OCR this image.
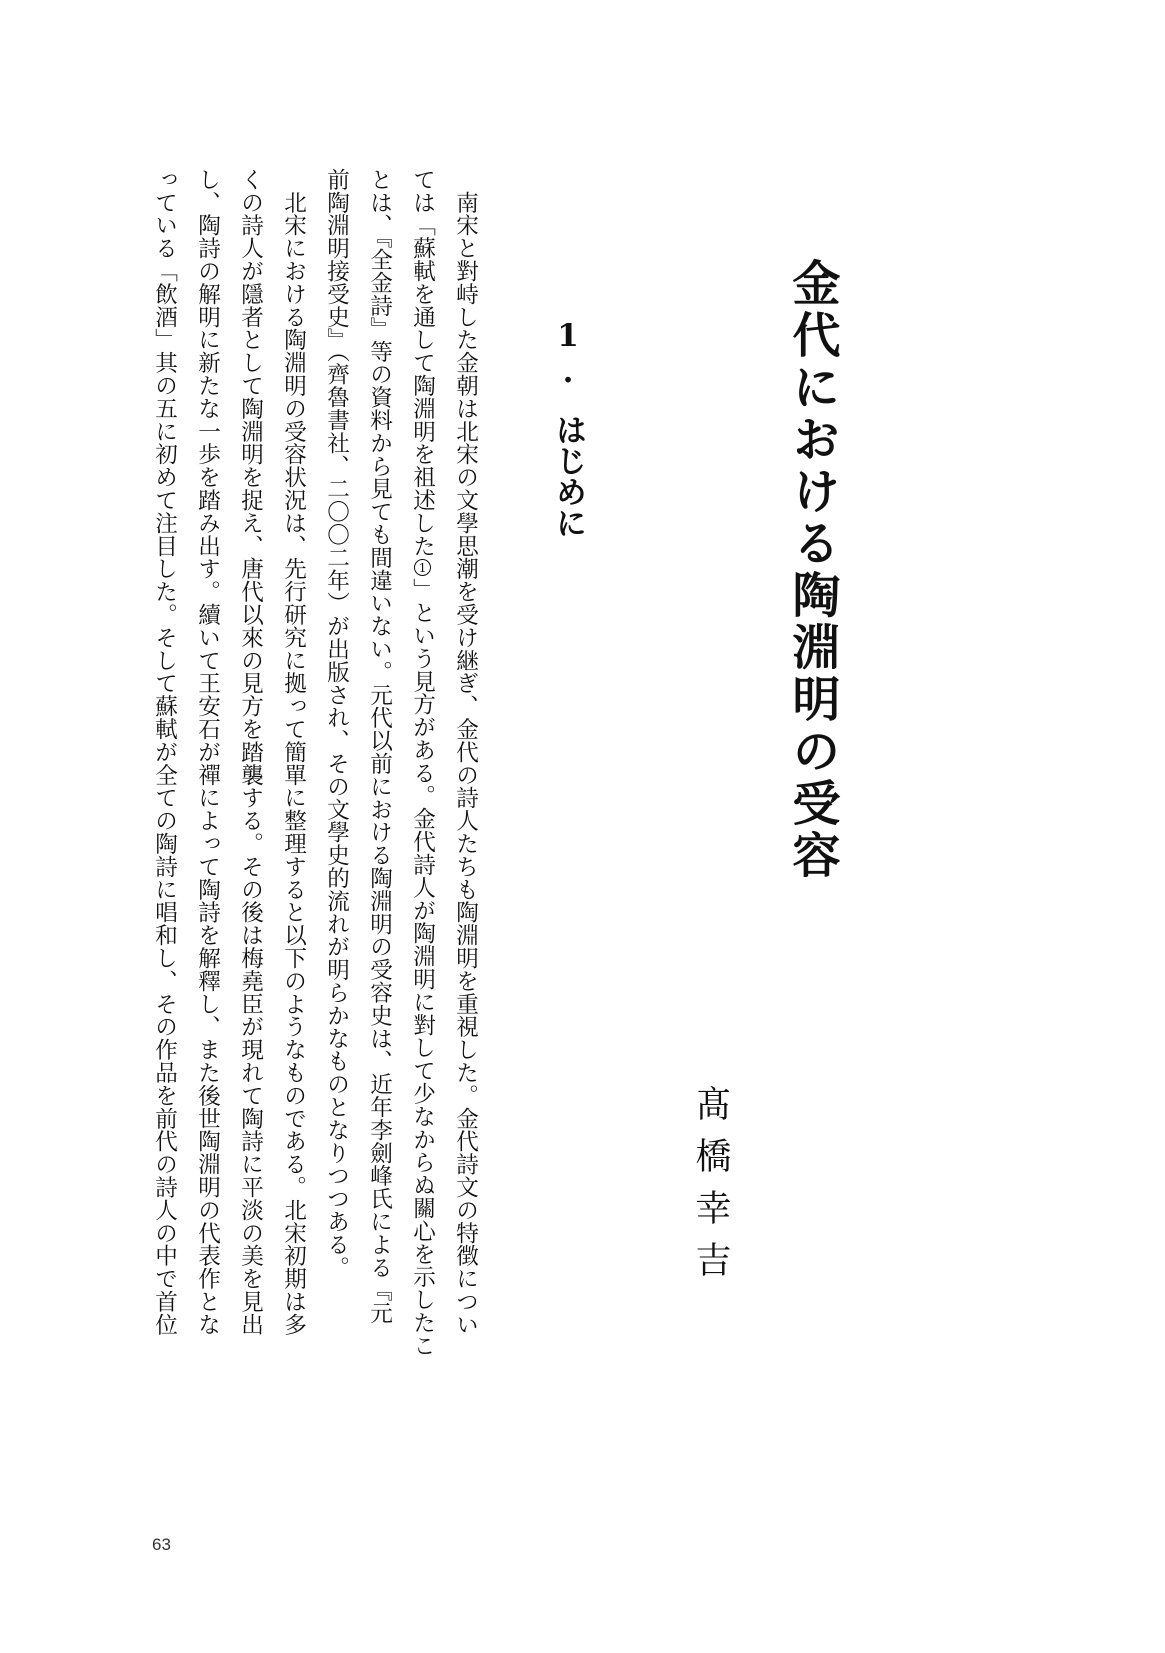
金代における陶淵明の受容
1.はじめに
髙橋幸吉

　南宋と對峙した金朝は北宋の文學思潮を受け継ぎ、金代の詩人たちも陶淵明を重視した。金代詩文の特徴につい

ては「蘇軾を通して陶淵明を祖述した1」という見方がある。金代詩人が陶淵明に對して少なからぬ關心を示したこ

とは、『全金詩』等の資料から見ても間違いない。元代以前における陶淵明の受容史は、近年李劍峰氏による『元

前陶淵明接受史』（齊魯書社、二〇〇二年）が出版され、その文學史的流れが明らかなものとなりつつある。

　北宋における陶淵明の受容状況は、先行研究に拠って簡單に整理すると以下のようなものである。北宋初期は多

くの詩人が隱者として陶淵明を捉え、唐代以來の見方を踏襲する。その後は梅堯臣が現れて陶詩に平淡の美を見出

し、陶詩の解明に新たな一歩を踏み出す。續いて王安石が禪によって陶詩を解釋し、また後世陶淵明の代表作とな

っている「飲酒」其の五に初めて注目した。そして蘇軾が全ての陶詩に唱和し、その作品を前代の詩人の中で首位

63
